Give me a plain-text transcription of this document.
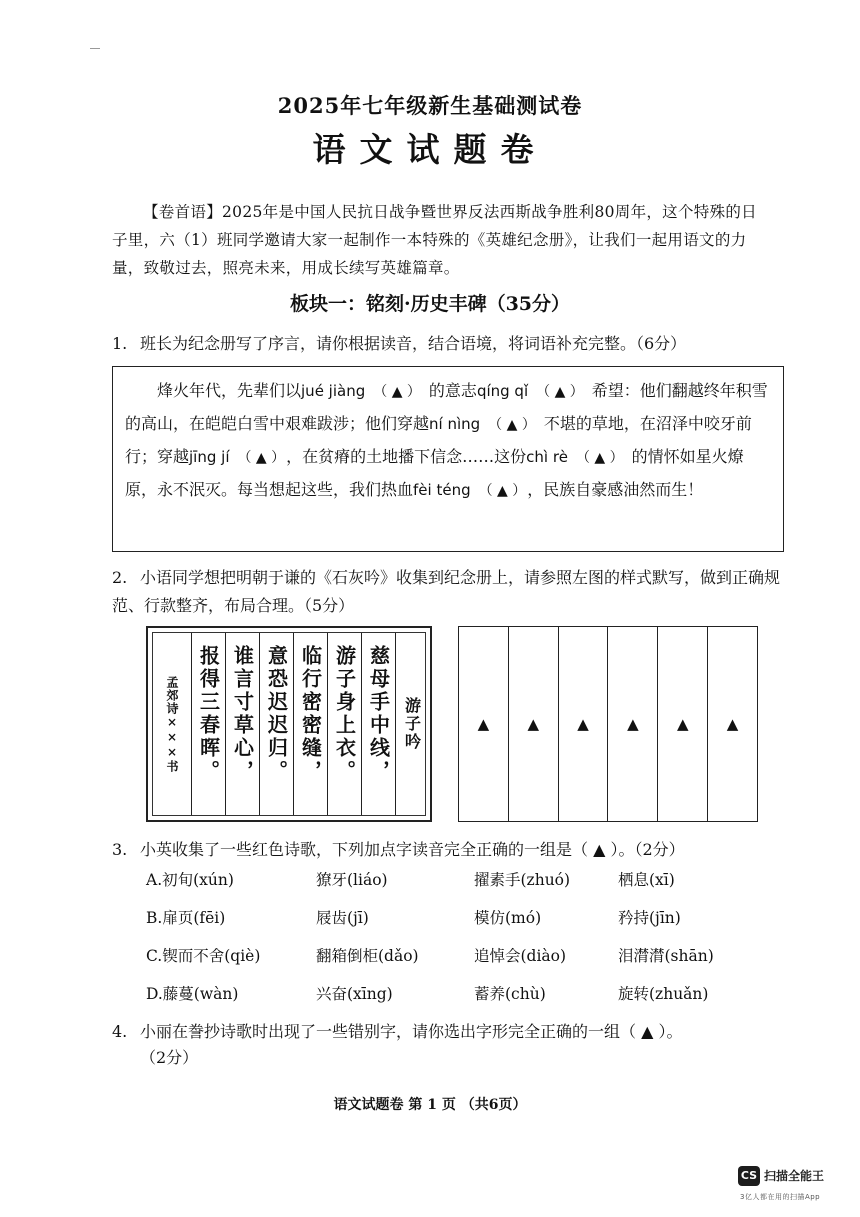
2025年七年级新生基础测试卷
语文试题卷
【卷首语】2025年是中国人民抗日战争暨世界反法西斯战争胜利80周年，这个特殊的日子里，六（1）班同学邀请大家一起制作一本特殊的《英雄纪念册》，让我们一起用语文的力量，致敬过去，照亮未来，用成长续写英雄篇章。
板块一：铭刻·历史丰碑（35分）
1. 班长为纪念册写了序言，请你根据读音，结合语境，将词语补充完整。（6分）
烽火年代，先辈们以jué jiàng （ ▲ ） 的意志qíng qǐ （ ▲ ） 希望：他们翻越终年积雪的高山，在皑皑白雪中艰难跋涉；他们穿越ní nìng （ ▲ ） 不堪的草地，在沼泽中咬牙前行；穿越jīng jí （ ▲ ） ，在贫瘠的土地播下信念……这份chì rè （ ▲ ） 的情怀如星火燎原，永不泯灭。每当想起这些，我们热血fèi téng （ ▲ ） ，民族自豪感油然而生！
2. 小语同学想把明朝于谦的《石灰吟》收集到纪念册上，请参照左图的样式默写，做到正确规范、行款整齐，布局合理。（5分）
孟郊诗×××书 报得三春晖。 谁言寸草心， 意恐迟迟归。 临行密密缝， 游子身上衣。 慈母手中线， 游子吟	▲	▲	▲	▲	▲	▲
3. 小英收集了一些红色诗歌，下列加点字读音完全正确的一组是（ ▲ ）。（2分）
A.初旬(xún)	獠牙(liáo)	擢素手(zhuó)	栖息(xī)
B.扉页(fēi)	屐齿(jī)	模仿(mó)	矜持(jīn)
C.锲而不舍(qiè)	翻箱倒柜(dǎo)	追悼会(diào)	泪潸潸(shān)
D.藤蔓(wàn)	兴奋(xīng)	蓄养(chù)	旋转(zhuǎn)
4. 小丽在誊抄诗歌时出现了一些错别字，请你选出字形完全正确的一组（ ▲ ）。
（2分）
语文试题卷 第 1 页 （共6页）
CS 扫描全能王
3亿人都在用的扫描App
